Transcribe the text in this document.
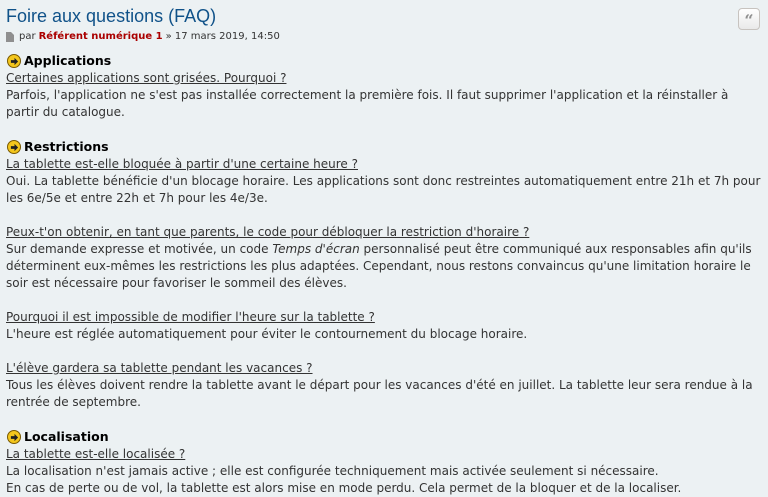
Foire aux questions (FAQ)	“
par Référent numérique 1 » 17 mars 2019, 14:50
Applications
Certaines applications sont grisées. Pourquoi ?
Parfois, l'application ne s'est pas installée correctement la première fois. Il faut supprimer l'application et la réinstaller à partir du catalogue.
Restrictions
La tablette est-elle bloquée à partir d'une certaine heure ?
Oui. La tablette bénéficie d'un blocage horaire. Les applications sont donc restreintes automatiquement entre 21h et 7h pour les 6e/5e et entre 22h et 7h pour les 4e/3e.
Peux-t'on obtenir, en tant que parents, le code pour débloquer la restriction d'horaire ?
Sur demande expresse et motivée, un code Temps d'écran personnalisé peut être communiqué aux responsables afin qu'ils déterminent eux-mêmes les restrictions les plus adaptées. Cependant, nous restons convaincus qu'une limitation horaire le soir est nécessaire pour favoriser le sommeil des élèves.
Pourquoi il est impossible de modifier l'heure sur la tablette ?
L'heure est réglée automatiquement pour éviter le contournement du blocage horaire.
L'élève gardera sa tablette pendant les vacances ?
Tous les élèves doivent rendre la tablette avant le départ pour les vacances d'été en juillet. La tablette leur sera rendue à la rentrée de septembre.
Localisation
La tablette est-elle localisée ?
La localisation n'est jamais active ; elle est configurée techniquement mais activée seulement si nécessaire.
En cas de perte ou de vol, la tablette est alors mise en mode perdu. Cela permet de la bloquer et de la localiser.
